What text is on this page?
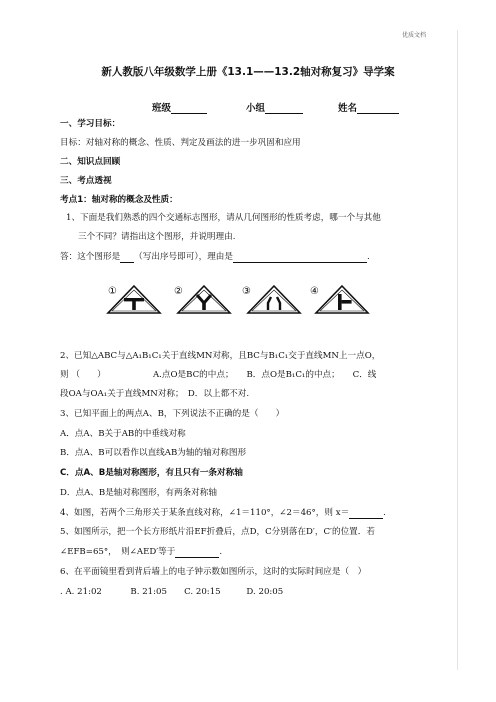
优质文档
新人教版八年级数学上册《13.1——13.2轴对称复习》导学案
班级	小组	姓名
一、学习目标：
目标：对轴对称的概念、性质、判定及画法的进一步巩固和应用
二、知识点回顾
三、考点透视
考点1：轴对称的概念及性质：
1、下面是我们熟悉的四个交通标志图形，请从几何图形的性质考虑，哪一个与其他
三个不同？请指出这个图形，并说明理由.
答：这个图形是 （写出序号即可），理由是	.
①	②	③	④
2、已知△ABC与△A₁B₁C₁关于直线MN对称，且BC与B₁C₁交于直线MN上一点O，
则 （　　）　　　　　　A.点O是BC的中点；　　B．点O是B₁C₁的中点；　　C．线
段OA与OA₁关于直线MN对称；　D．以上都不对.
3、已知平面上的两点A、B，下列说法不正确的是（　　）
A．点A、B关于AB的中垂线对称
B．点A、B可以看作以直线AB为轴的轴对称图形
C．点A、B是轴对称图形，有且只有一条对称轴
D．点A、B是轴对称图形，有两条对称轴
4、如图，若两个三角形关于某条直线对称，∠1＝110°，∠2＝46°，则 x＝	.
5、如图所示，把一个长方形纸片沿EF折叠后，点D，C分别落在D′，C′的位置．若
∠EFB=65°，　则∠AED′等于	.
6、在平面镜里看到背后墙上的电子钟示数如图所示，这时的实际时间应是（　）
. A. 21:02　　　 B. 21:05　　C. 20:15　　　D. 20:05
